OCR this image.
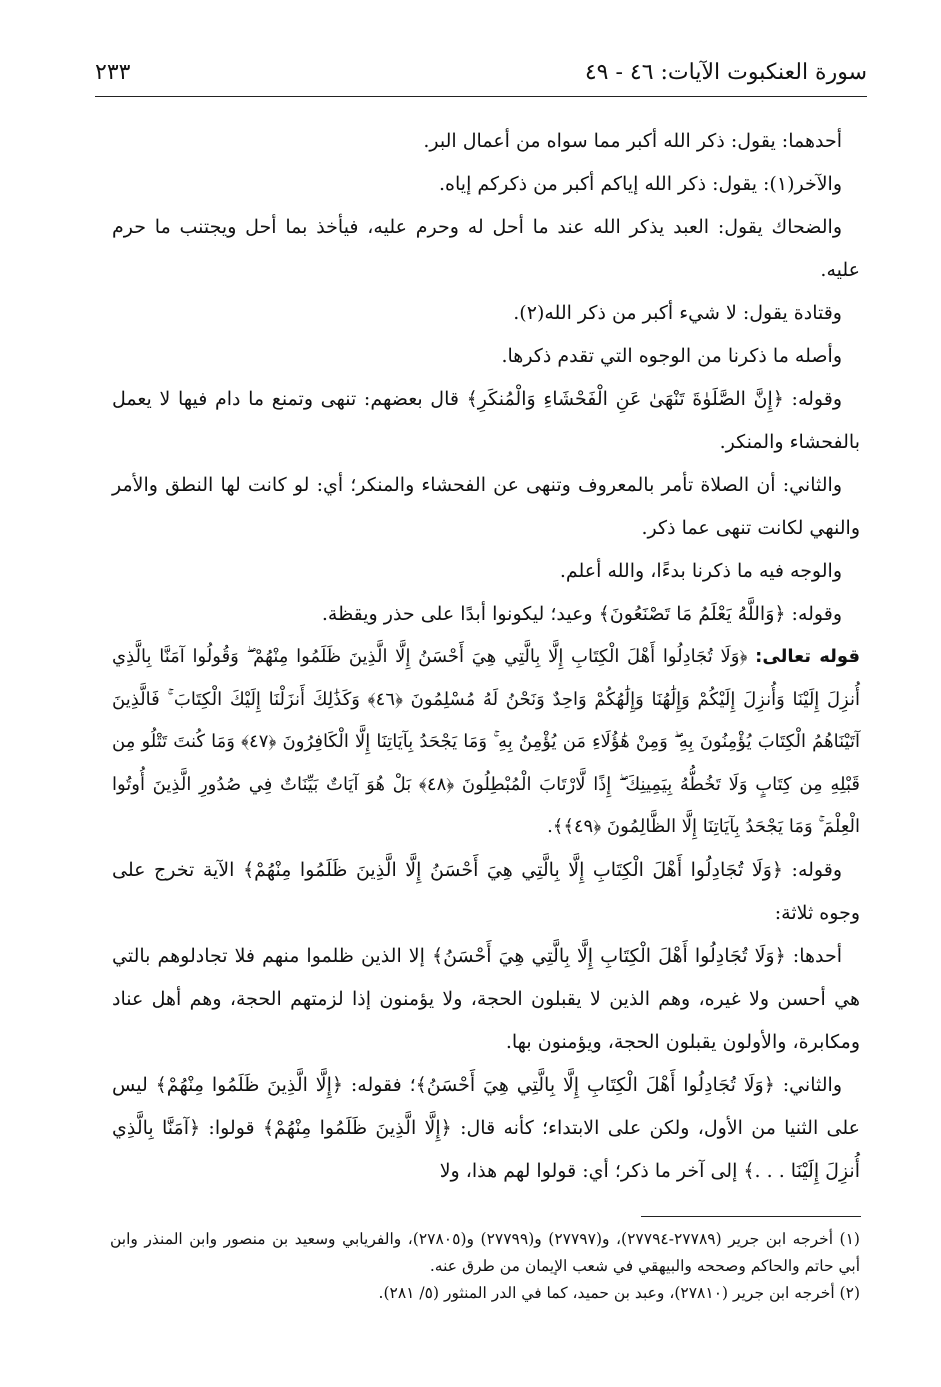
سورة العنكبوت الآيات: ٤٦ - ٤٩
٢٣٣

أحدهما: يقول: ذكر الله أكبر مما سواه من أعمال البر.

والآخر(١): يقول: ذكر الله إياكم أكبر من ذكركم إياه.

والضحاك يقول: العبد يذكر الله عند ما أحل له وحرم عليه، فيأخذ بما أحل ويجتنب ما حرم عليه.

وقتادة يقول: لا شيء أكبر من ذكر الله(٢).

وأصله ما ذكرنا من الوجوه التي تقدم ذكرها.

وقوله: ﴿إِنَّ الصَّلَوٰةَ تَنْهَىٰ عَنِ الْفَحْشَاءِ وَالْمُنكَرِ﴾ قال بعضهم: تنهى وتمنع ما دام فيها لا يعمل بالفحشاء والمنكر.

والثاني: أن الصلاة تأمر بالمعروف وتنهى عن الفحشاء والمنكر؛ أي: لو كانت لها النطق والأمر والنهي لكانت تنهى عما ذكر.

والوجه فيه ما ذكرنا بدءًا، والله أعلم.

وقوله: ﴿وَاللَّهُ يَعْلَمُ مَا تَصْنَعُونَ﴾ وعيد؛ ليكونوا أبدًا على حذر ويقظة.

قوله تعالى: ﴿وَلَا تُجَادِلُوا أَهْلَ الْكِتَابِ إِلَّا بِالَّتِي هِيَ أَحْسَنُ إِلَّا الَّذِينَ ظَلَمُوا مِنْهُمْ ۖ وَقُولُوا آمَنَّا بِالَّذِي أُنزِلَ إِلَيْنَا وَأُنزِلَ إِلَيْكُمْ وَإِلَٰهُنَا وَإِلَٰهُكُمْ وَاحِدٌ وَنَحْنُ لَهُ مُسْلِمُونَ ﴿٤٦﴾ وَكَذَٰلِكَ أَنزَلْنَا إِلَيْكَ الْكِتَابَ ۚ فَالَّذِينَ آتَيْنَاهُمُ الْكِتَابَ يُؤْمِنُونَ بِهِ ۖ وَمِنْ هَٰؤُلَاءِ مَن يُؤْمِنُ بِهِ ۚ وَمَا يَجْحَدُ بِآيَاتِنَا إِلَّا الْكَافِرُونَ ﴿٤٧﴾ وَمَا كُنتَ تَتْلُو مِن قَبْلِهِ مِن كِتَابٍ وَلَا تَخُطُّهُ بِيَمِينِكَ ۖ إِذًا لَّارْتَابَ الْمُبْطِلُونَ ﴿٤٨﴾ بَلْ هُوَ آيَاتٌ بَيِّنَاتٌ فِي صُدُورِ الَّذِينَ أُوتُوا الْعِلْمَ ۚ وَمَا يَجْحَدُ بِآيَاتِنَا إِلَّا الظَّالِمُونَ ﴿٤٩﴾﴾.

وقوله: ﴿وَلَا تُجَادِلُوا أَهْلَ الْكِتَابِ إِلَّا بِالَّتِي هِيَ أَحْسَنُ إِلَّا الَّذِينَ ظَلَمُوا مِنْهُمْ﴾ الآية تخرج على وجوه ثلاثة:

أحدها: ﴿وَلَا تُجَادِلُوا أَهْلَ الْكِتَابِ إِلَّا بِالَّتِي هِيَ أَحْسَنُ﴾ إلا الذين ظلموا منهم فلا تجادلوهم بالتي هي أحسن ولا غيره، وهم الذين لا يقبلون الحجة، ولا يؤمنون إذا لزمتهم الحجة، وهم أهل عناد ومكابرة، والأولون يقبلون الحجة، ويؤمنون بها.

والثاني: ﴿وَلَا تُجَادِلُوا أَهْلَ الْكِتَابِ إِلَّا بِالَّتِي هِيَ أَحْسَنُ﴾؛ فقوله: ﴿إِلَّا الَّذِينَ ظَلَمُوا مِنْهُمْ﴾ ليس على الثنيا من الأول، ولكن على الابتداء؛ كأنه قال: ﴿إِلَّا الَّذِينَ ظَلَمُوا مِنْهُمْ﴾ قولوا: ﴿آمَنَّا بِالَّذِي أُنزِلَ إِلَيْنَا . . .﴾ إلى آخر ما ذكر؛ أي: قولوا لهم هذا، ولا

(١) أخرجه ابن جرير (٢٧٧٨٩-٢٧٧٩٤)، و(٢٧٧٩٧) و(٢٧٧٩٩) و(٢٧٨٠٥)، والفريابي وسعيد بن منصور وابن المنذر وابن أبي حاتم والحاكم وصححه والبيهقي في شعب الإيمان من طرق عنه.

(٢) أخرجه ابن جرير (٢٧٨١٠)، وعبد بن حميد، كما في الدر المنثور (٥/ ٢٨١).
